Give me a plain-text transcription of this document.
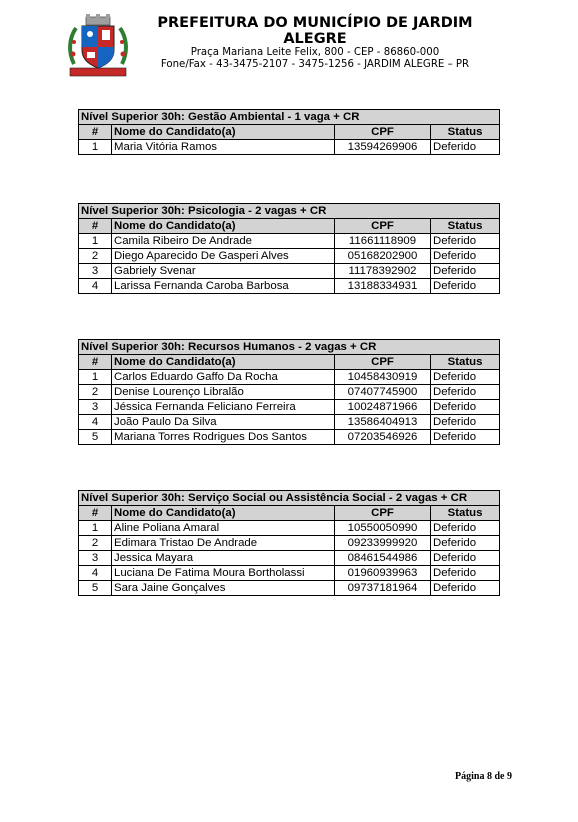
PREFEITURA DO MUNICÍPIO DE JARDIM
ALEGRE
Praça Mariana Leite Felix, 800 - CEP - 86860-000
Fone/Fax - 43-3475-2107 - 3475-1256 - JARDIM ALEGRE – PR
Nível Superior 30h: Gestão Ambiental - 1 vaga + CR			
#	Nome do Candidato(a)	CPF	Status
1	Maria Vitória Ramos	13594269906	Deferido
Nível Superior 30h: Psicologia - 2 vagas + CR			
#	Nome do Candidato(a)	CPF	Status
1	Camila Ribeiro De Andrade	11661118909	Deferido
2	Diego Aparecido De Gasperi Alves	05168202900	Deferido
3	Gabriely Svenar	11178392902	Deferido
4	Larissa Fernanda Caroba Barbosa	13188334931	Deferido
Nível Superior 30h: Recursos Humanos - 2 vagas + CR			
#	Nome do Candidato(a)	CPF	Status
1	Carlos Eduardo Gaffo Da Rocha	10458430919	Deferido
2	Denise Lourenço Libralão	07407745900	Deferido
3	Jéssica Fernanda Feliciano Ferreira	10024871966	Deferido
4	João Paulo Da Silva	13586404913	Deferido
5	Mariana Torres Rodrigues Dos Santos	07203546926	Deferido
Nível Superior 30h: Serviço Social ou Assistência Social - 2 vagas + CR			
#	Nome do Candidato(a)	CPF	Status
1	Aline Poliana Amaral	10550050990	Deferido
2	Edimara Tristao De Andrade	09233999920	Deferido
3	Jessica Mayara	08461544986	Deferido
4	Luciana De Fatima Moura Bortholassi	01960939963	Deferido
5	Sara Jaine Gonçalves	09737181964	Deferido
Página 8 de 9
